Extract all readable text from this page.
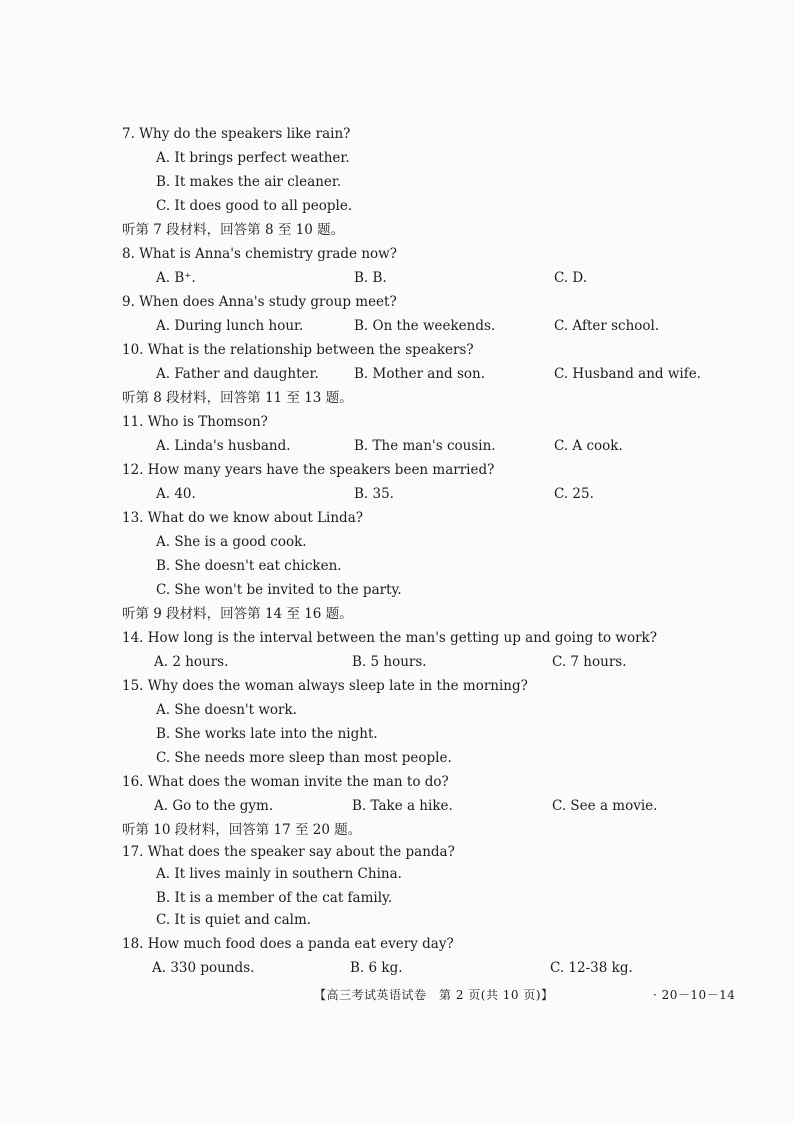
7. Why do the speakers like rain?
A. It brings perfect weather.
B. It makes the air cleaner.
C. It does good to all people.
听第 7 段材料，回答第 8 至 10 题。
8. What is Anna's chemistry grade now?
A. B⁺.	B. B.	C. D.
9. When does Anna's study group meet?
A. During lunch hour.	B. On the weekends.	C. After school.
10. What is the relationship between the speakers?
A. Father and daughter.	B. Mother and son.	C. Husband and wife.
听第 8 段材料，回答第 11 至 13 题。
11. Who is Thomson?
A. Linda's husband.	B. The man's cousin.	C. A cook.
12. How many years have the speakers been married?
A. 40.	B. 35.	C. 25.
13. What do we know about Linda?
A. She is a good cook.
B. She doesn't eat chicken.
C. She won't be invited to the party.
听第 9 段材料，回答第 14 至 16 题。
14. How long is the interval between the man's getting up and going to work?
A. 2 hours.	B. 5 hours.	C. 7 hours.
15. Why does the woman always sleep late in the morning?
A. She doesn't work.
B. She works late into the night.
C. She needs more sleep than most people.
16. What does the woman invite the man to do?
A. Go to the gym.	B. Take a hike.	C. See a movie.
听第 10 段材料，回答第 17 至 20 题。
17. What does the speaker say about the panda?
A. It lives mainly in southern China.
B. It is a member of the cat family.
C. It is quiet and calm.
18. How much food does a panda eat every day?
A. 330 pounds.	B. 6 kg.	C. 12-38 kg.
【高三考试英语试卷　第 2 页(共 10 页)】	· 20－10－14
